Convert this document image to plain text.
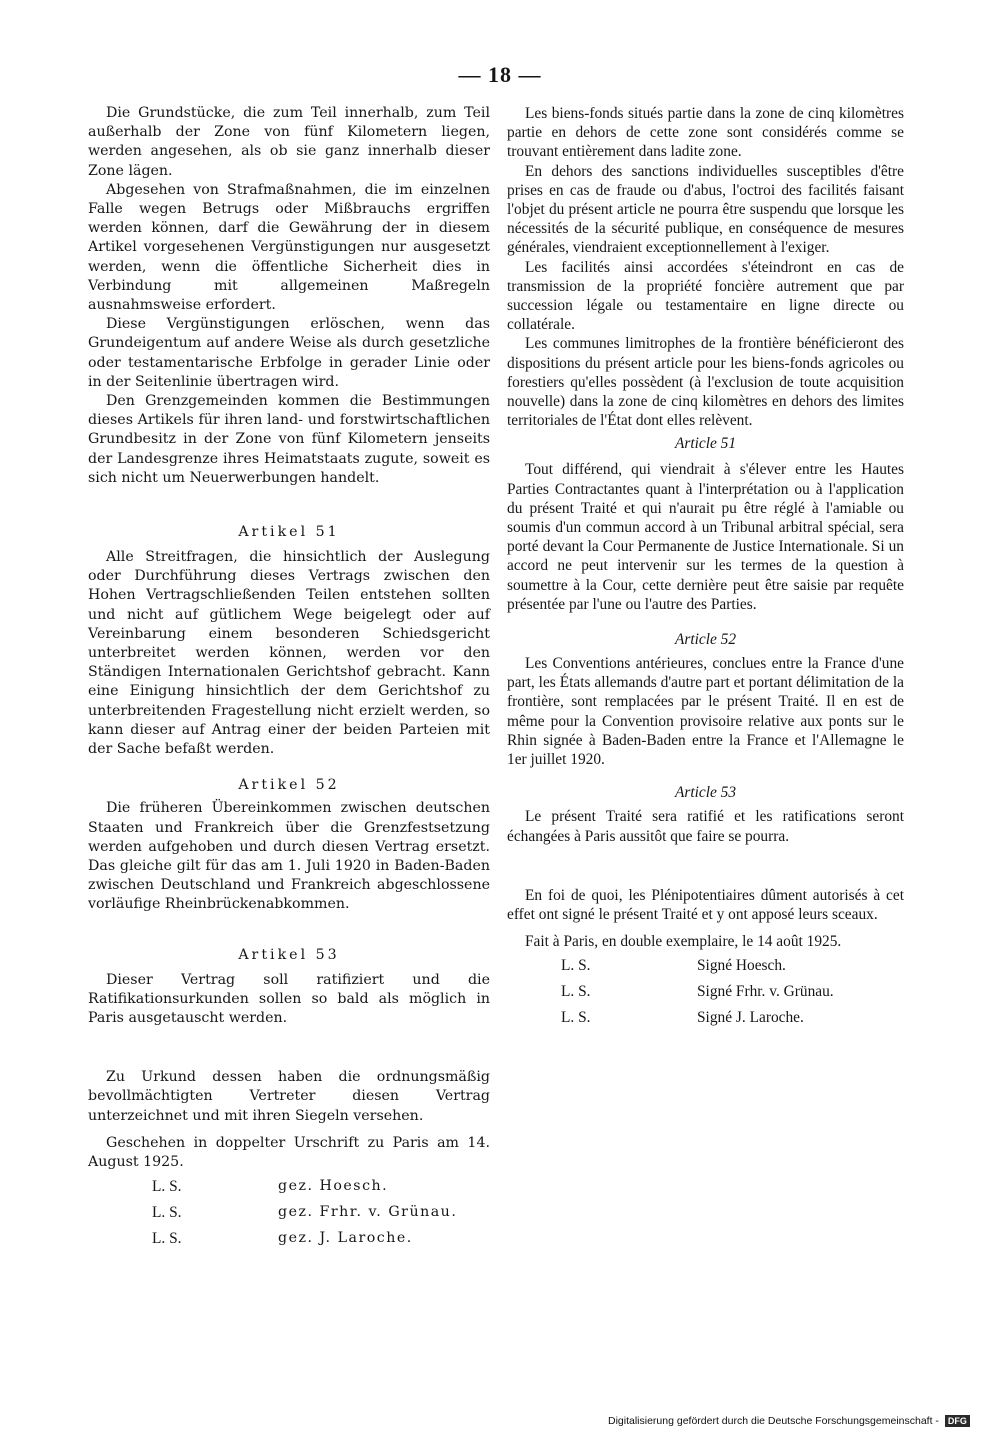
— 18 —

Die Grundstücke, die zum Teil innerhalb, zum Teil außerhalb der Zone von fünf Kilometern liegen, werden angesehen, als ob sie ganz innerhalb dieser Zone lägen.

Abgesehen von Strafmaßnahmen, die im einzelnen Falle wegen Betrugs oder Mißbrauchs ergriffen werden können, darf die Gewährung der in diesem Artikel vorgesehenen Vergünstigungen nur ausgesetzt werden, wenn die öffentliche Sicherheit dies in Verbindung mit allgemeinen Maßregeln ausnahmsweise erfordert.

Diese Vergünstigungen erlöschen, wenn das Grundeigentum auf andere Weise als durch gesetzliche oder testamentarische Erbfolge in gerader Linie oder in der Seitenlinie übertragen wird.

Den Grenzgemeinden kommen die Bestimmungen dieses Artikels für ihren land- und forstwirtschaftlichen Grundbesitz in der Zone von fünf Kilometern jenseits der Landesgrenze ihres Heimatstaats zugute, soweit es sich nicht um Neuerwerbungen handelt.

Artikel 51

Alle Streitfragen, die hinsichtlich der Auslegung oder Durchführung dieses Vertrags zwischen den Hohen Vertragschließenden Teilen entstehen sollten und nicht auf gütlichem Wege beigelegt oder auf Vereinbarung einem besonderen Schiedsgericht unterbreitet werden können, werden vor den Ständigen Internationalen Gerichtshof gebracht. Kann eine Einigung hinsichtlich der dem Gerichtshof zu unterbreitenden Fragestellung nicht erzielt werden, so kann dieser auf Antrag einer der beiden Parteien mit der Sache befaßt werden.

Artikel 52

Die früheren Übereinkommen zwischen deutschen Staaten und Frankreich über die Grenzfestsetzung werden aufgehoben und durch diesen Vertrag ersetzt. Das gleiche gilt für das am 1. Juli 1920 in Baden-Baden zwischen Deutschland und Frankreich abgeschlossene vorläufige Rheinbrückenabkommen.

Artikel 53

Dieser Vertrag soll ratifiziert und die Ratifikationsurkunden sollen so bald als möglich in Paris ausgetauscht werden.

Zu Urkund dessen haben die ordnungsmäßig bevollmächtigten Vertreter diesen Vertrag unterzeichnet und mit ihren Siegeln versehen.

Geschehen in doppelter Urschrift zu Paris am 14. August 1925.

L. S.	gez. Hoesch.
L. S.	gez. Frhr. v. Grünau.
L. S.	gez. J. Laroche.

Les biens-fonds situés partie dans la zone de cinq kilomètres partie en dehors de cette zone sont considérés comme se trouvant entièrement dans ladite zone.

En dehors des sanctions individuelles susceptibles d'être prises en cas de fraude ou d'abus, l'octroi des facilités faisant l'objet du présent article ne pourra être suspendu que lorsque les nécessités de la sécurité publique, en conséquence de mesures générales, viendraient exceptionnellement à l'exiger.

Les facilités ainsi accordées s'éteindront en cas de transmission de la propriété foncière autrement que par succession légale ou testamentaire en ligne directe ou collatérale.

Les communes limitrophes de la frontière bénéficieront des dispositions du présent article pour les biens-fonds agricoles ou forestiers qu'elles possèdent (à l'exclusion de toute acquisition nouvelle) dans la zone de cinq kilomètres en dehors des limites territoriales de l'État dont elles relèvent.

Article 51

Tout différend, qui viendrait à s'élever entre les Hautes Parties Contractantes quant à l'interprétation ou à l'application du présent Traité et qui n'aurait pu être réglé à l'amiable ou soumis d'un commun accord à un Tribunal arbitral spécial, sera porté devant la Cour Permanente de Justice Internationale. Si un accord ne peut intervenir sur les termes de la question à soumettre à la Cour, cette dernière peut être saisie par requête présentée par l'une ou l'autre des Parties.

Article 52

Les Conventions antérieures, conclues entre la France d'une part, les États allemands d'autre part et portant délimitation de la frontière, sont remplacées par le présent Traité. Il en est de même pour la Convention provisoire relative aux ponts sur le Rhin signée à Baden-Baden entre la France et l'Allemagne le 1er juillet 1920.

Article 53

Le présent Traité sera ratifié et les ratifications seront échangées à Paris aussitôt que faire se pourra.

En foi de quoi, les Plénipotentiaires dûment autorisés à cet effet ont signé le présent Traité et y ont apposé leurs sceaux.

Fait à Paris, en double exemplaire, le 14 août 1925.

L. S.	Signé Hoesch.
L. S.	Signé Frhr. v. Grünau.
L. S.	Signé J. Laroche.
Digitalisierung gefördert durch die Deutsche Forschungsgemeinschaft - DFG
